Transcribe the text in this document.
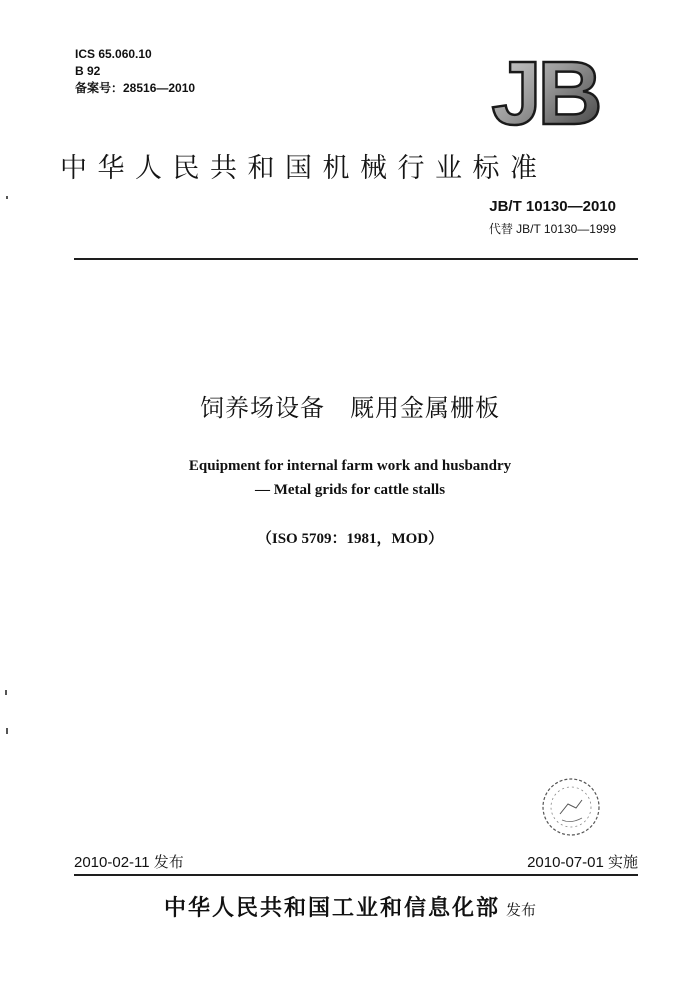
ICS 65.060.10
B 92
备案号：28516—2010	JB
中华人民共和国机械行业标准
JB/T 10130—2010
代替 JB/T 10130—1999
饲养场设备　厩用金属栅板
Equipment for internal farm work and husbandry
— Metal grids for cattle stalls
（ISO 5709：1981，MOD）
2010-02-11 发布	2010-07-01 实施
中华人民共和国工业和信息化部 发布
